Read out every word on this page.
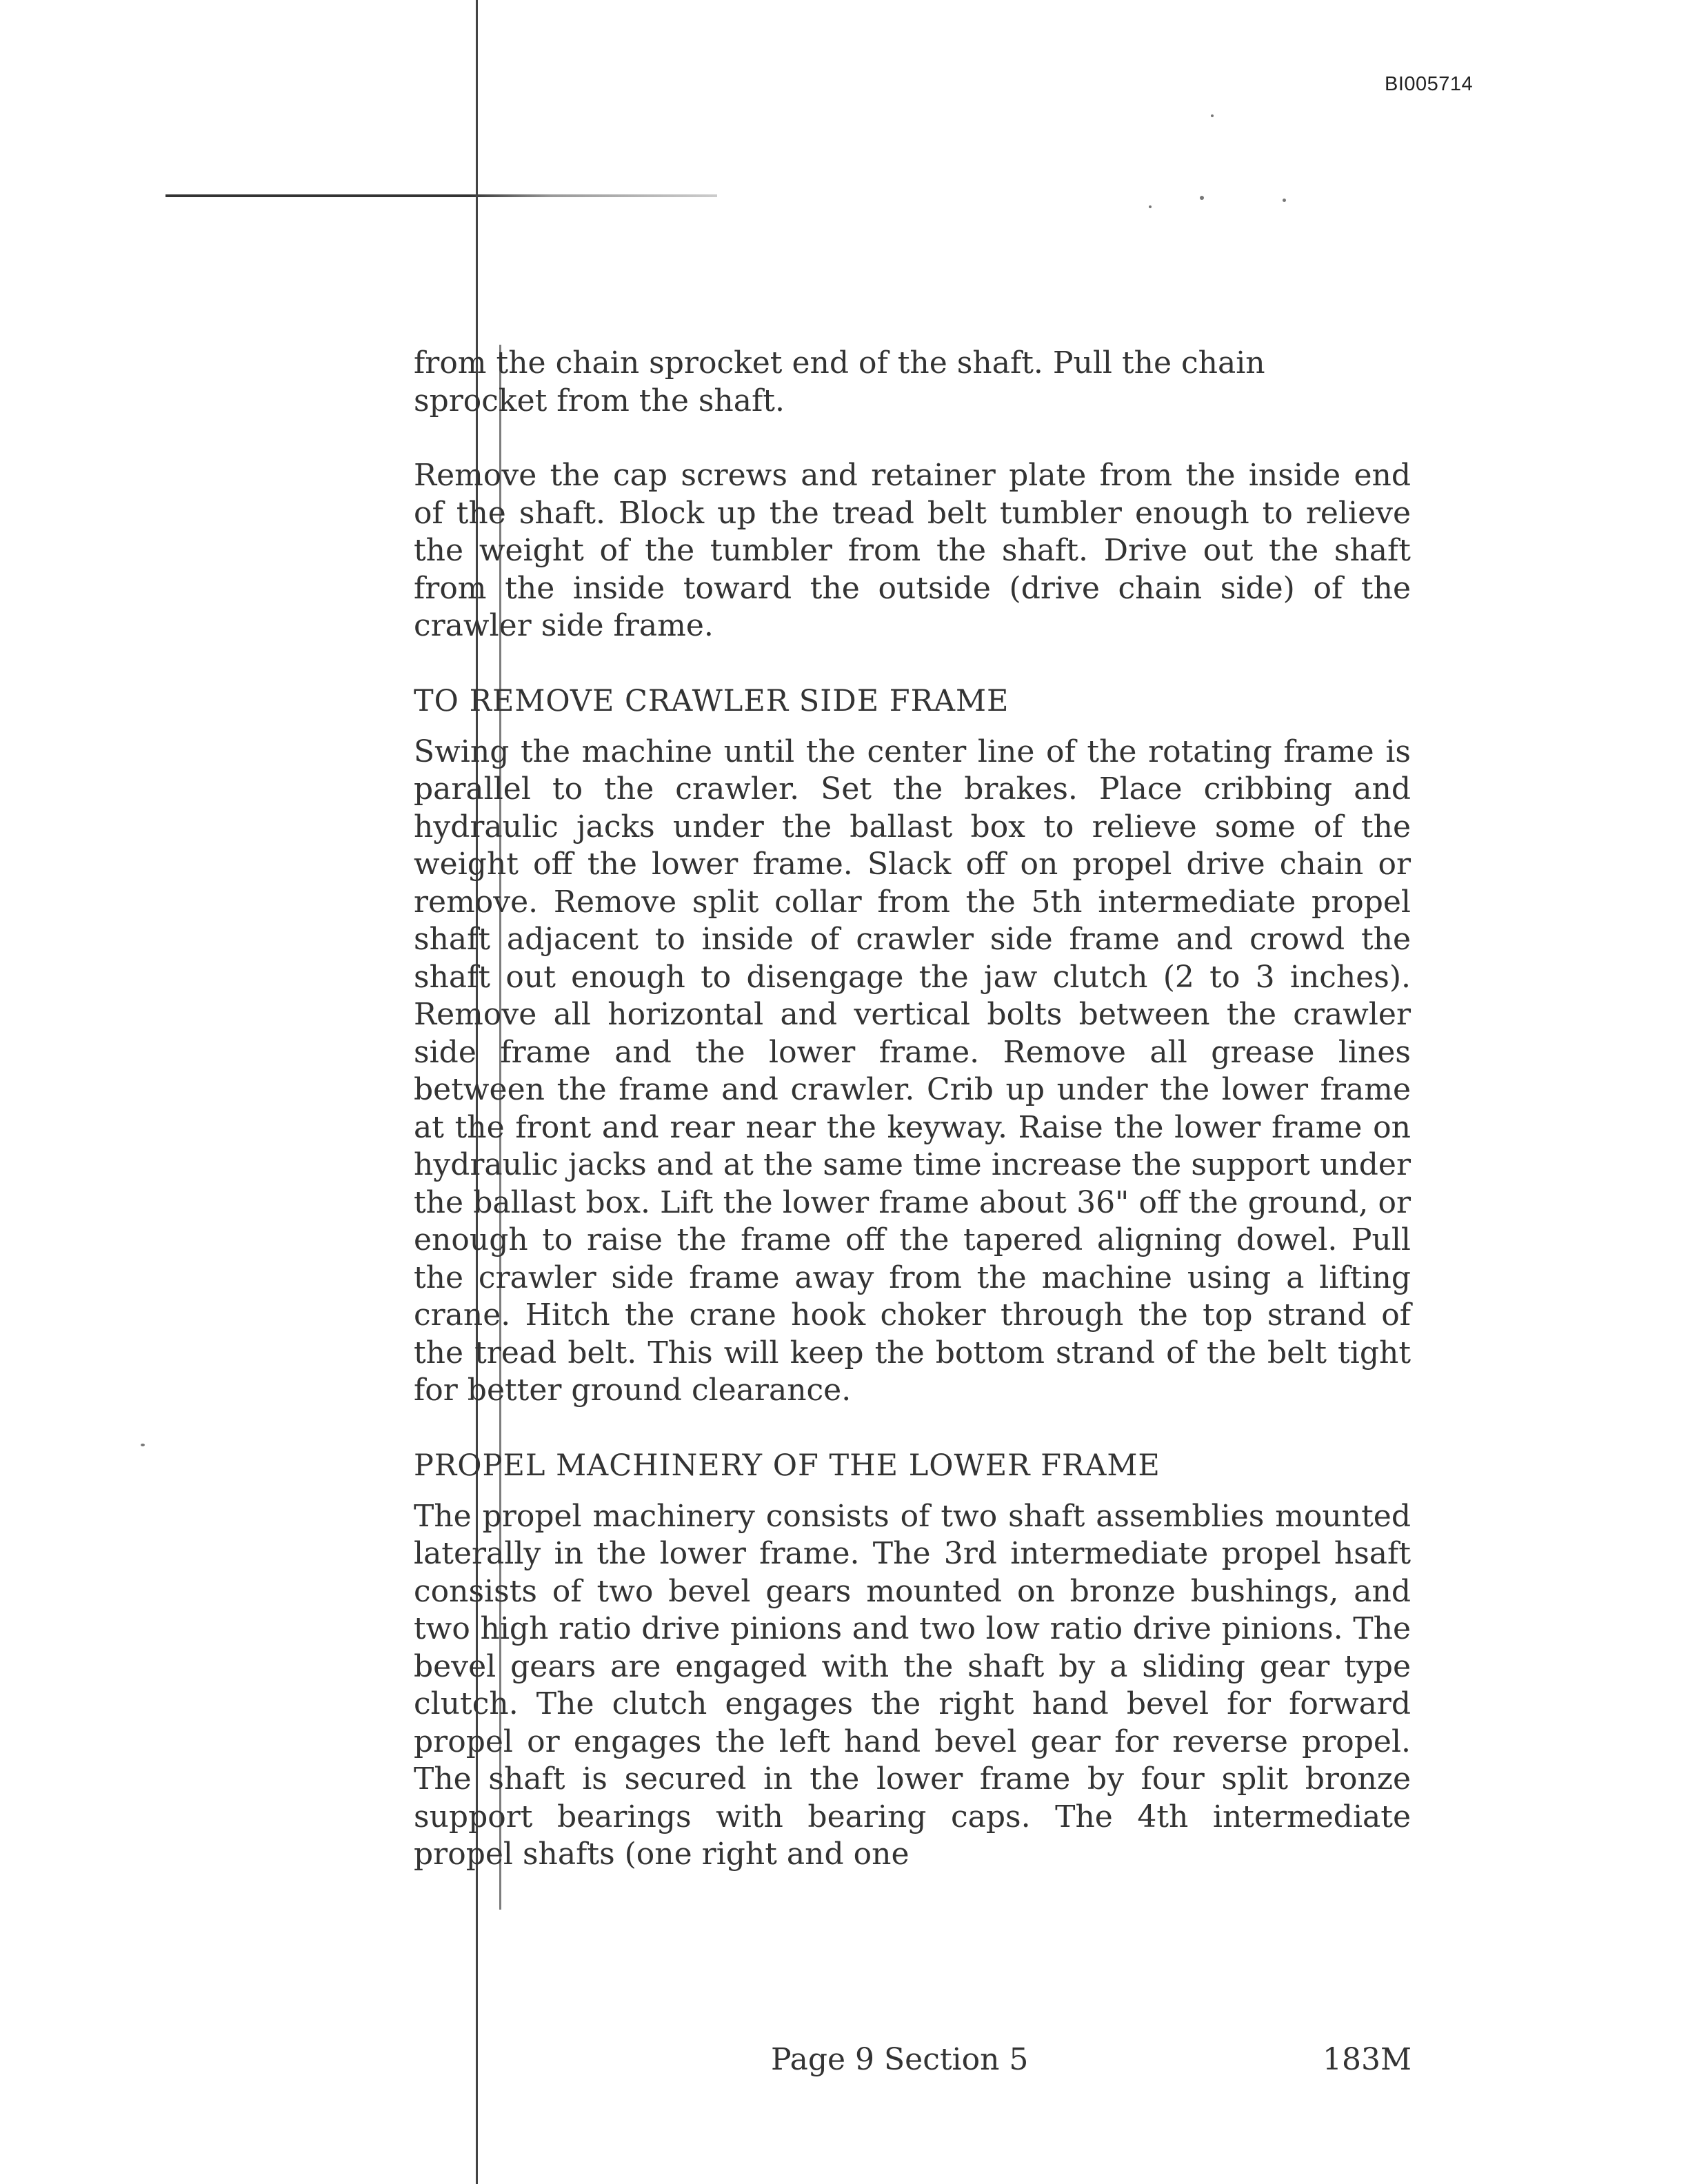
BI005714

from the chain sprocket end of the shaft. Pull the chain
sprocket from the shaft.

Remove the cap screws and retainer plate from the inside end of the shaft. Block up the tread belt tumbler enough to relieve the weight of the tumbler from the shaft. Drive out the shaft from the inside toward the outside (drive chain side) of the crawler side frame.

TO REMOVE CRAWLER SIDE FRAME

Swing the machine until the center line of the rotating frame is parallel to the crawler. Set the brakes. Place cribbing and hydraulic jacks under the ballast box to relieve some of the weight off the lower frame. Slack off on propel drive chain or remove. Remove split collar from the 5th intermediate propel shaft adjacent to inside of crawler side frame and crowd the shaft out enough to disengage the jaw clutch (2 to 3 inches). Remove all horizontal and vertical bolts between the crawler side frame and the lower frame. Remove all grease lines between the frame and crawler. Crib up under the lower frame at the front and rear near the keyway. Raise the lower frame on hydraulic jacks and at the same time increase the support under the ballast box. Lift the lower frame about 36" off the ground, or enough to raise the frame off the tapered aligning dowel. Pull the crawler side frame away from the machine using a lifting crane. Hitch the crane hook choker through the top strand of the tread belt. This will keep the bottom strand of the belt tight for better ground clearance.

PROPEL MACHINERY OF THE LOWER FRAME

The propel machinery consists of two shaft assemblies mounted laterally in the lower frame. The 3rd intermediate propel hsaft consists of two bevel gears mounted on bronze bushings, and two high ratio drive pinions and two low ratio drive pinions. The bevel gears are engaged with the shaft by a sliding gear type clutch. The clutch engages the right hand bevel for forward propel or engages the left hand bevel gear for reverse propel. The shaft is secured in the lower frame by four split bronze support bearings with bearing caps. The 4th intermediate propel shafts (one right and one

Page 9 Section 5	183M
